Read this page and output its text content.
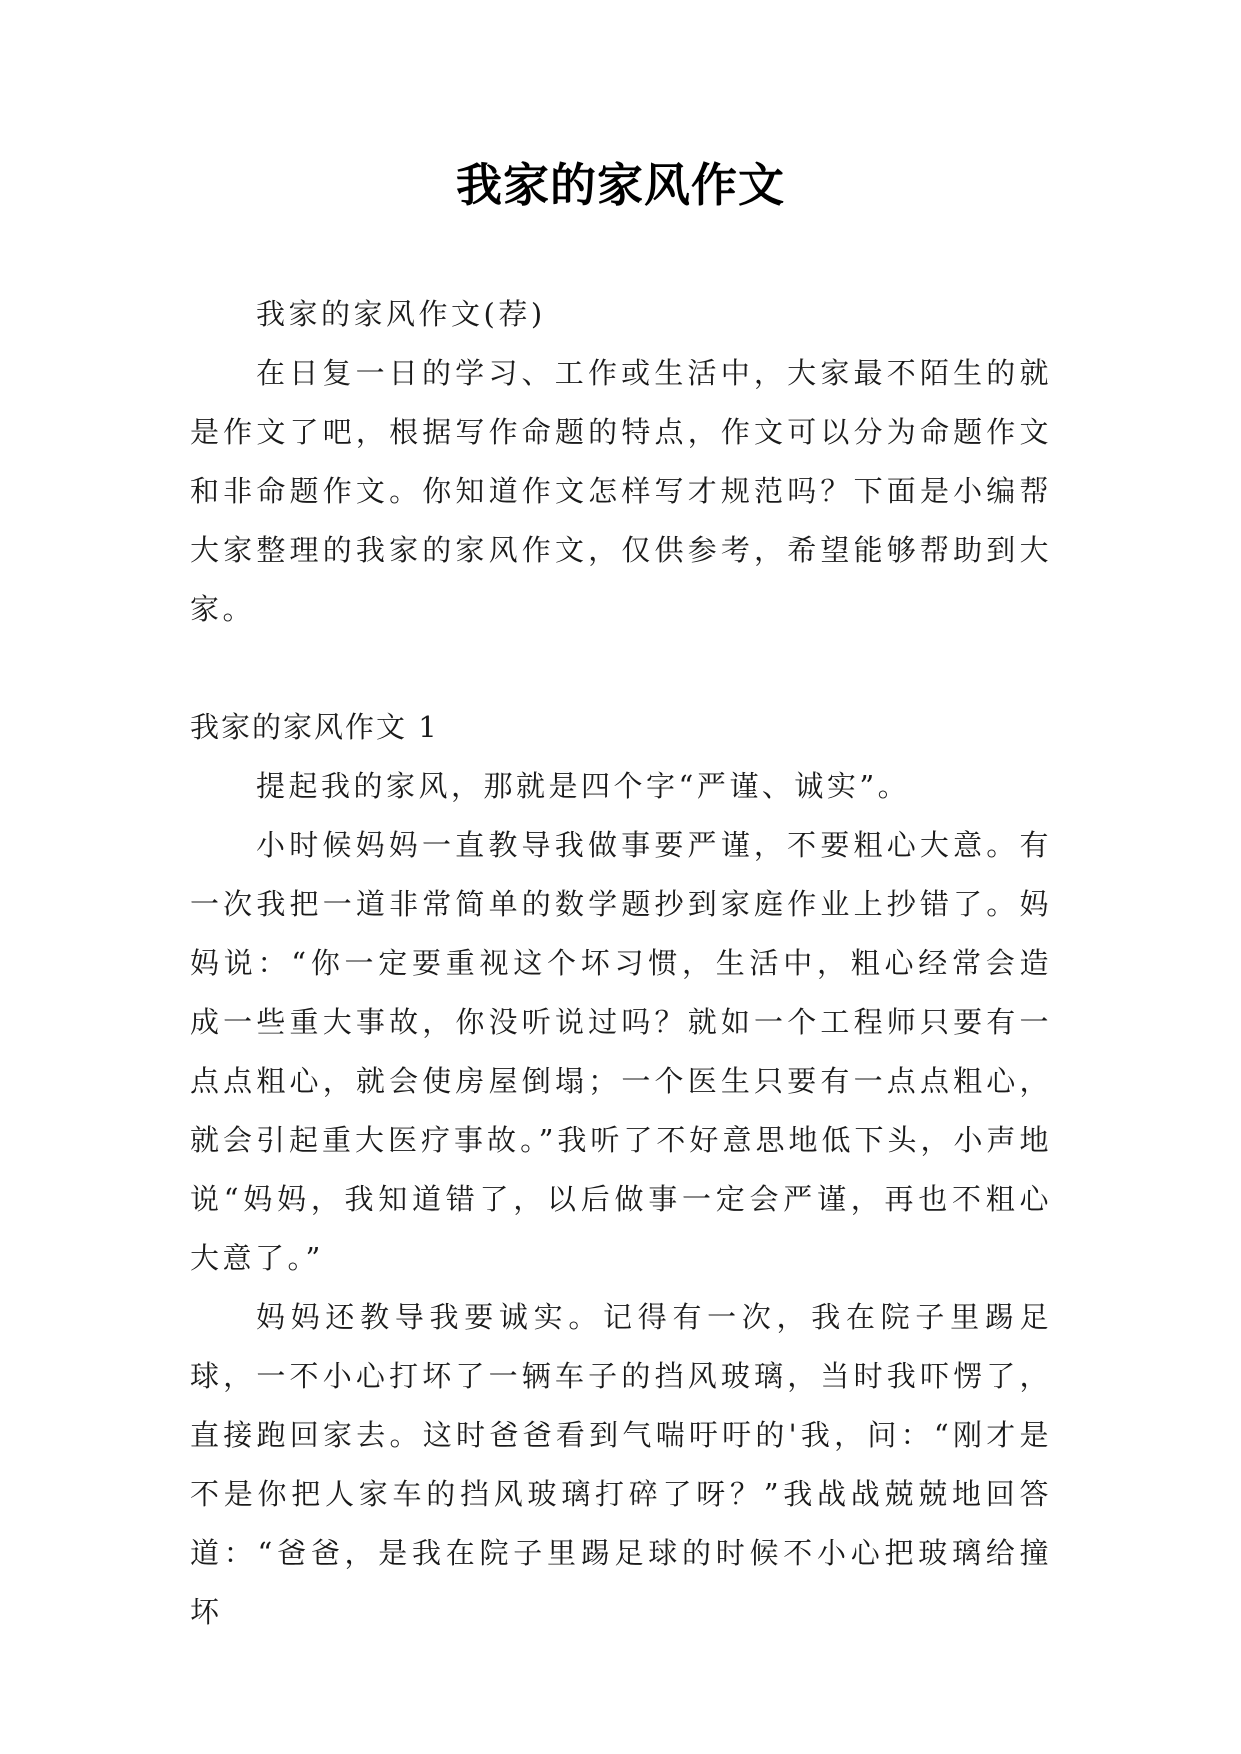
我家的家风作文

我家的家风作文(荐)

在日复一日的学习、工作或生活中，大家最不陌生的就是作文了吧，根据写作命题的特点，作文可以分为命题作文和非命题作文。你知道作文怎样写才规范吗？下面是小编帮大家整理的我家的家风作文，仅供参考，希望能够帮助到大家。

我家的家风作文 1

提起我的家风，那就是四个字“严谨、诚实”。

小时候妈妈一直教导我做事要严谨，不要粗心大意。有一次我把一道非常简单的数学题抄到家庭作业上抄错了。妈妈说：“你一定要重视这个坏习惯，生活中，粗心经常会造成一些重大事故，你没听说过吗？就如一个工程师只要有一点点粗心，就会使房屋倒塌；一个医生只要有一点点粗心，就会引起重大医疗事故。”我听了不好意思地低下头，小声地说“妈妈，我知道错了，以后做事一定会严谨，再也不粗心大意了。”

妈妈还教导我要诚实。记得有一次，我在院子里踢足球，一不小心打坏了一辆车子的挡风玻璃，当时我吓愣了，直接跑回家去。这时爸爸看到气喘吁吁的'我，问：“刚才是不是你把人家车的挡风玻璃打碎了呀？”我战战兢兢地回答道：“爸爸，是我在院子里踢足球的时候不小心把玻璃给撞坏
